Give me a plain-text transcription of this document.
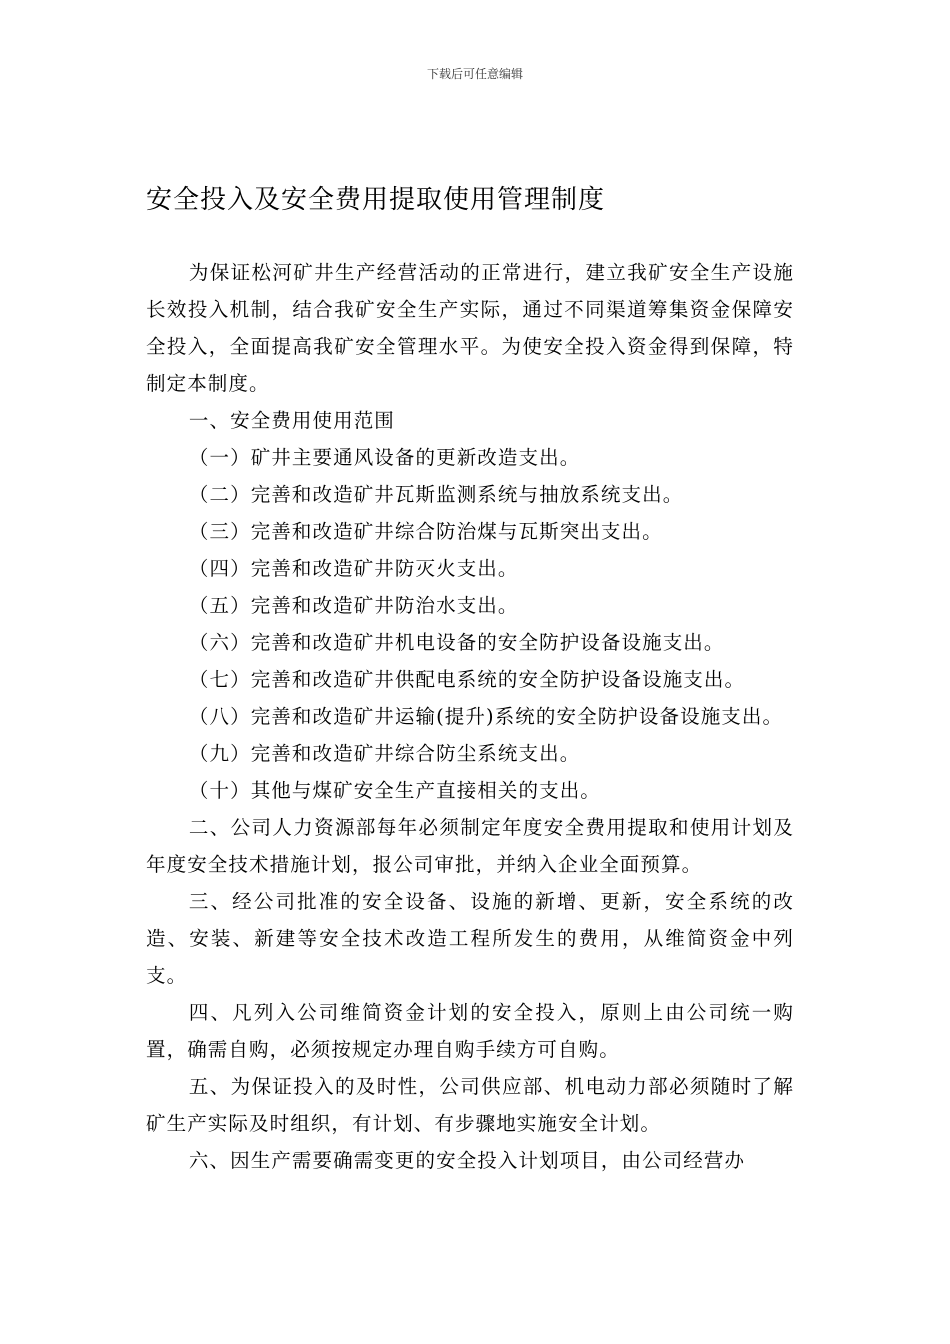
下载后可任意编辑
安全投入及安全费用提取使用管理制度

为保证松河矿井生产经营活动的正常进行，建立我矿安全生产设施长效投入机制，结合我矿安全生产实际，通过不同渠道筹集资金保障安全投入，全面提高我矿安全管理水平。为使安全投入资金得到保障，特制定本制度。

一、安全费用使用范围

（一）矿井主要通风设备的更新改造支出。

（二）完善和改造矿井瓦斯监测系统与抽放系统支出。

（三）完善和改造矿井综合防治煤与瓦斯突出支出。

（四）完善和改造矿井防灭火支出。

（五）完善和改造矿井防治水支出。

（六）完善和改造矿井机电设备的安全防护设备设施支出。

（七）完善和改造矿井供配电系统的安全防护设备设施支出。

（八）完善和改造矿井运输(提升)系统的安全防护设备设施支出。

（九）完善和改造矿井综合防尘系统支出。

（十）其他与煤矿安全生产直接相关的支出。

二、公司人力资源部每年必须制定年度安全费用提取和使用计划及年度安全技术措施计划，报公司审批，并纳入企业全面预算。

三、经公司批准的安全设备、设施的新增、更新，安全系统的改造、安装、新建等安全技术改造工程所发生的费用，从维简资金中列支。

四、凡列入公司维简资金计划的安全投入，原则上由公司统一购置，确需自购，必须按规定办理自购手续方可自购。

五、为保证投入的及时性，公司供应部、机电动力部必须随时了解矿生产实际及时组织，有计划、有步骤地实施安全计划。

六、因生产需要确需变更的安全投入计划项目，由公司经营办
